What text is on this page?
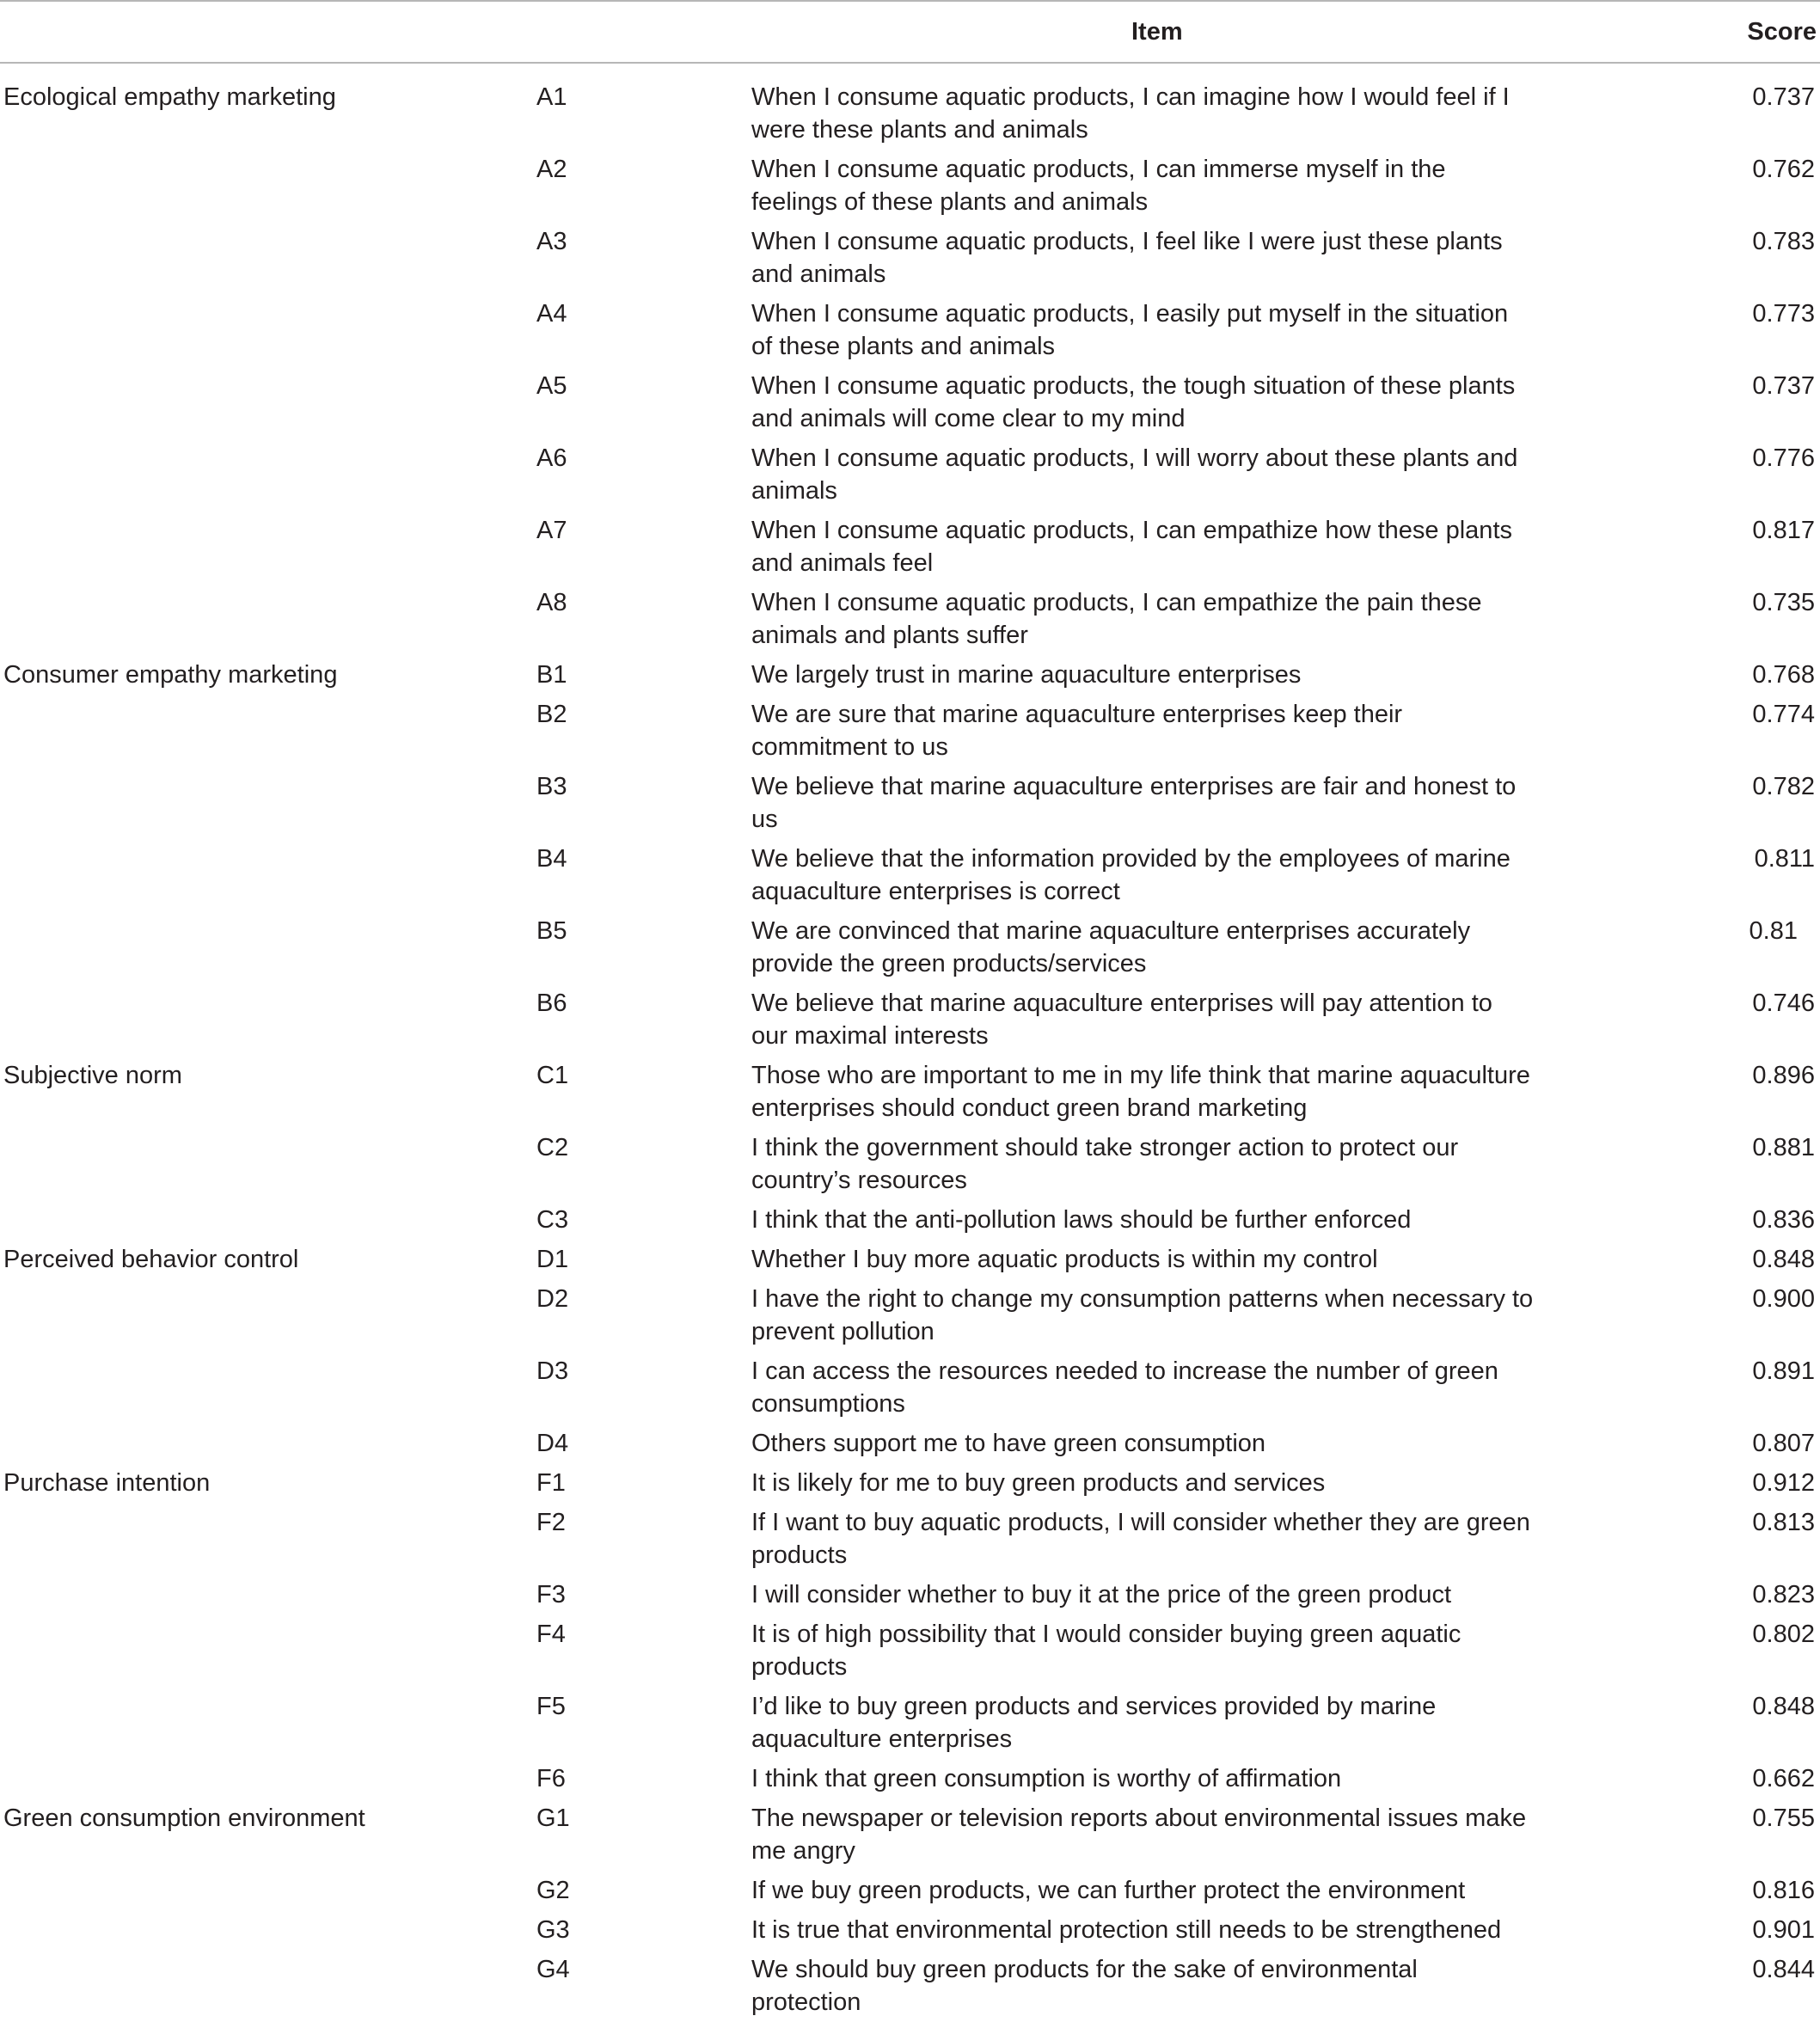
		Item	Score
Ecological empathy marketing	A1	When I consume aquatic products, I can imagine how I would feel if I were these plants and animals	0.737
	A2	When I consume aquatic products, I can immerse myself in the feelings of these plants and animals	0.762
	A3	When I consume aquatic products, I feel like I were just these plants and animals	0.783
	A4	When I consume aquatic products, I easily put myself in the situation of these plants and animals	0.773
	A5	When I consume aquatic products, the tough situation of these plants and animals will come clear to my mind	0.737
	A6	When I consume aquatic products, I will worry about these plants and animals	0.776
	A7	When I consume aquatic products, I can empathize how these plants and animals feel	0.817
	A8	When I consume aquatic products, I can empathize the pain these animals and plants suffer	0.735
Consumer empathy marketing	B1	We largely trust in marine aquaculture enterprises	0.768
	B2	We are sure that marine aquaculture enterprises keep their commitment to us	0.774
	B3	We believe that marine aquaculture enterprises are fair and honest to us	0.782
	B4	We believe that the information provided by the employees of marine aquaculture enterprises is correct	0.811
	B5	We are convinced that marine aquaculture enterprises accurately provide the green products/services	0.81
	B6	We believe that marine aquaculture enterprises will pay attention to our maximal interests	0.746
Subjective norm	C1	Those who are important to me in my life think that marine aquaculture enterprises should conduct green brand marketing	0.896
	C2	I think the government should take stronger action to protect our country’s resources	0.881
	C3	I think that the anti-pollution laws should be further enforced	0.836
Perceived behavior control	D1	Whether I buy more aquatic products is within my control	0.848
	D2	I have the right to change my consumption patterns when necessary to prevent pollution	0.900
	D3	I can access the resources needed to increase the number of green consumptions	0.891
	D4	Others support me to have green consumption	0.807
Purchase intention	F1	It is likely for me to buy green products and services	0.912
	F2	If I want to buy aquatic products, I will consider whether they are green products	0.813
	F3	I will consider whether to buy it at the price of the green product	0.823
	F4	It is of high possibility that I would consider buying green aquatic products	0.802
	F5	I’d like to buy green products and services provided by marine aquaculture enterprises	0.848
	F6	I think that green consumption is worthy of affirmation	0.662
Green consumption environment	G1	The newspaper or television reports about environmental issues make me angry	0.755
	G2	If we buy green products, we can further protect the environment	0.816
	G3	It is true that environmental protection still needs to be strengthened	0.901
	G4	We should buy green products for the sake of environmental protection	0.844
